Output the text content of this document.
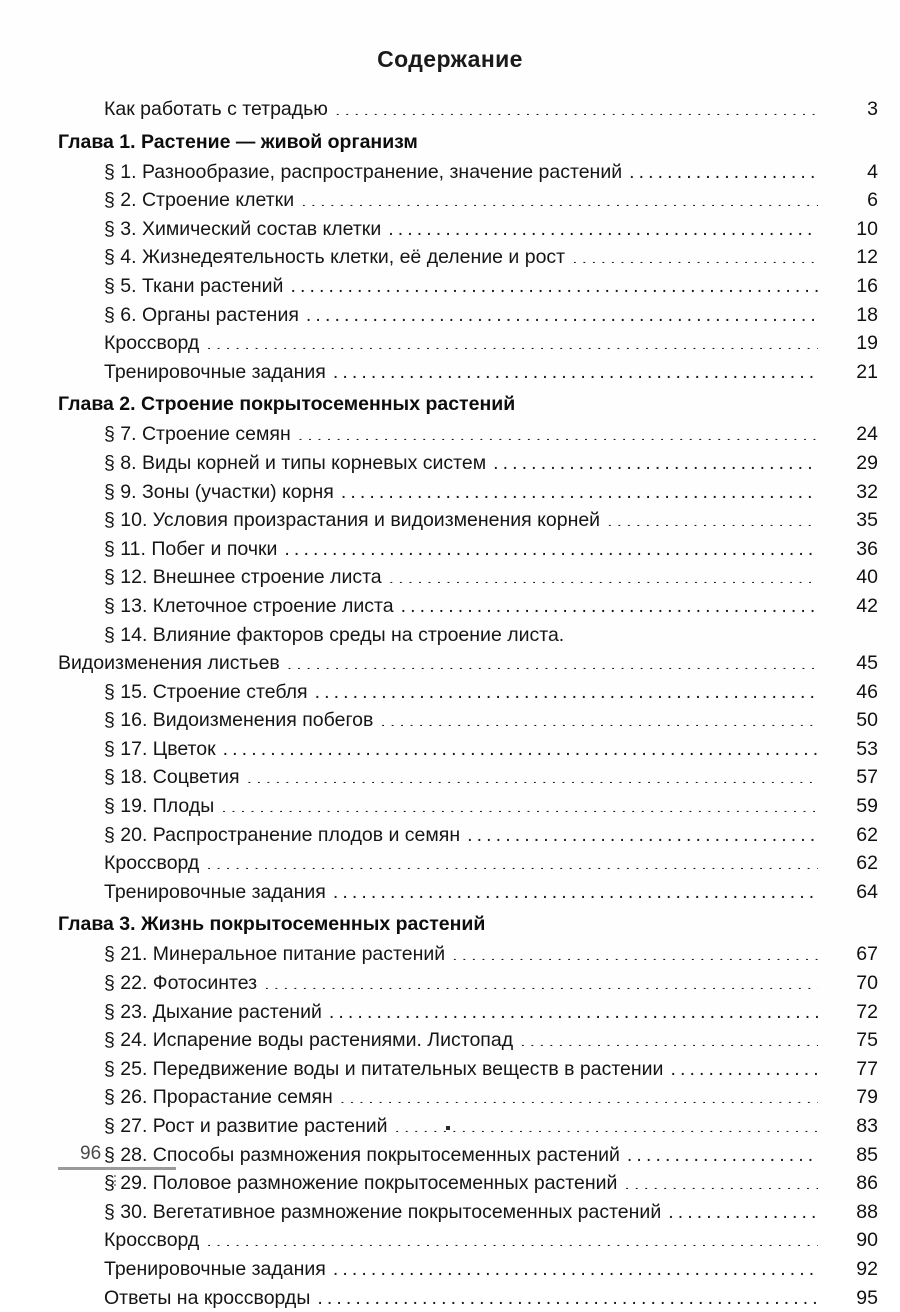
Содержание
Как работать с тетрадью .....	3
Глава 1. Растение — живой организм
§ 1. Разнообразие, распространение, значение растений .....	4
§ 2. Строение клетки .....	6
§ 3. Химический состав клетки .....	10
§ 4. Жизнедеятельность клетки, её деление и рост .....	12
§ 5. Ткани растений .....	16
§ 6. Органы растения .....	18
Кроссворд .....	19
Тренировочные задания .....	21
Глава 2. Строение покрытосеменных растений
§ 7. Строение семян .....	24
§ 8. Виды корней и типы корневых систем .....	29
§ 9. Зоны (участки) корня .....	32
§ 10. Условия произрастания и видоизменения корней .....	35
§ 11. Побег и почки .....	36
§ 12. Внешнее строение листа .....	40
§ 13. Клеточное строение листа .....	42
§ 14. Влияние факторов среды на строение листа.
Видоизменения листьев .....	45
§ 15. Строение стебля .....	46
§ 16. Видоизменения побегов .....	50
§ 17. Цветок .....	53
§ 18. Соцветия .....	57
§ 19. Плоды .....	59
§ 20. Распространение плодов и семян .....	62
Кроссворд .....	62
Тренировочные задания .....	64
Глава 3. Жизнь покрытосеменных растений
§ 21. Минеральное питание растений .....	67
§ 22. Фотосинтез .....	70
§ 23. Дыхание растений .....	72
§ 24. Испарение воды растениями. Листопад .....	75
§ 25. Передвижение воды и питательных веществ в растении .....	77
§ 26. Прорастание семян .....	79
§ 27. Рост и развитие растений .....	83
§ 28. Способы размножения покрытосеменных растений .....	85
§ 29. Половое размножение покрытосеменных растений .....	86
§ 30. Вегетативное размножение покрытосеменных растений .....	88
Кроссворд .....	90
Тренировочные задания .....	92
Ответы на кроссворды .....	95
96
